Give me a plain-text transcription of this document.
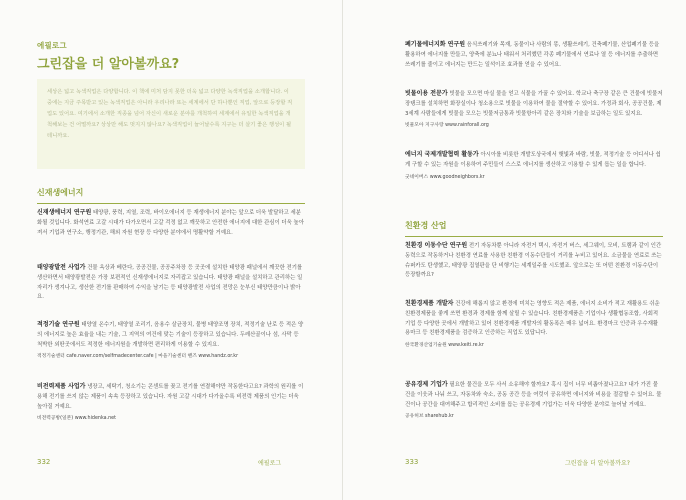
에필로그
그린잡을 더 알아볼까요?
세상은 넓고 녹색직업은 다양합니다. 이 책에 미처 담지 못한 더욱 넓고 다양한 녹색직업을 소개합니다. 이 중에는 지금 주목받고 있는 녹색직업은 아니라 우리나라 또는 세계에서 단 하나뿐인 직업, 앞으로 등장할 직업도 있어요. 여기에서 소개한 직종을 넘어 자신이 새로운 분야를 개척하여 세계에서 유일한 녹색직업을 개척해보는 건 어떨까요? 상상만 해도 멋지지 않나요? 녹색직업이 늘어날수록 지구는 더 살기 좋은 행성이 될 테니까요.
신재생에너지
신재생에너지 연구원 태양광, 풍력, 지열, 조력, 바이오에너지 등 재생에너지 분야는 앞으로 더욱 발달하고 세분화될 것입니다. 화석연료 고갈 시대가 다가오면서 고갈 걱정 없고 깨끗하고 안전한 에너지에 대한 관심이 더욱 높아져서 기업과 연구소, 행정기관, 해외 자원 현장 등 다양한 분야에서 명활약할 거예요.
태양광발전 사업가 건물 옥상과 베란다, 공공건물, 공공주차장 등 곳곳에 설치한 태양광 패널에서 깨끗한 전기를 생산하면서 태양광발전은 가장 보편적인 신재생에너지로 자리잡고 있습니다. 태양광 패널을 설치하고 관리하는 일자리가 생겨나고, 생산한 전기를 판매하여 수익을 남기는 등 태양광발전 사업의 전망은 눈부신 태양만큼이나 밝아요.
적정기술 연구원 태양열 온수기, 태양열 조리기, 음용수 살균장치, 물병 태양조명 장치, 적정기술 난로 등 적은 양의 에너지로 높은 효율을 내는 기술, 그 지역의 여건에 맞는 기술이 등장하고 있습니다. 두레산골이나 섬, 사막 등 척박한 외딴곳에서도 적정한 에너지원을 개발하면 편리하게 이용할 수 있지요.
적정기술센터 cafe.naver.com/selfmadecenter.cafe | 마을기술센터 핸즈 www.handz.or.kr
비전력제품 사업가 냉장고, 세탁기, 청소기는 콘센트를 꽂고 전기를 연결해야만 작동한다고요? 과학의 원리를 이용해 전기를 쓰지 않는 제품이 속속 등장하고 있습니다. 자원 고갈 시대가 다가올수록 비전력 제품의 인기는 더욱 높아질 거예요.
비전력공방(일본) www.hidenka.net
332	에필로그
폐기물에너지화 연구원 음식쓰레기와 목재, 동물이나 사람의 똥, 생활쓰레기, 건축폐기물, 산업폐기물 등을 활용하여 에너지를 만들고, 양축에 분뇨나 태워서 처리했던 각종 폐기물에서 연료나 열 등 에너지를 추출하면 쓰레기를 줄이고 에너지는 만드는 일석이조 효과를 얻을 수 있어요.
빗물이용 전문가 빗물을 모으면 마실 물을 얻고 식물을 가꿀 수 있어요. 학교나 축구장 같은 큰 건물에 빗물저장탱크를 설치하면 화장실이나 청소용으로 빗물을 이용하여 물을 절약할 수 있어요. 가정과 회사, 공공건물, 제3세계 사람들에게 빗물을 모으는 빗물저금통과 빗물항아리 같은 장치와 기술을 보급하는 일도 있지요.
빗물모아 지구사랑 www.rainforall.org
에너지 국제개발협력 활동가 아시아를 비롯한 개발도상국에서 햇빛과 바람, 빗물, 적정기술 등 어디서나 쉽게 구할 수 있는 자원을 이용하여 주민들이 스스로 에너지를 생산하고 이용할 수 있게 돕는 일을 합니다.
굿네이버스 www.goodneighbors.kr
친환경 산업
친환경 이동수단 연구원 전기 자동차뿐 아니라 자전거 택시, 자전거 버스, 세그웨이, 모비, 트램과 같이 인간동력으로 작동하거나 친환경 연료를 사용한 친환경 이동수단들이 거리를 누비고 있어요. 소금물을 연료로 쓰는 슈퍼카도 탄생했고, 태양광 집열판을 단 비행기는 세계일주를 시도했죠. 앞으로는 또 어떤 친환경 이동수단이 등장할까요?
친환경제품 개발자 건강에 해롭지 않고 환경에 미치는 영향도 적은 제품, 에너지 소비가 적고 재활용도 쉬운 친환경제품을 좋게 쓰면 환경과 경제를 함께 살릴 수 있습니다. 친환경제품은 기업이나 생활협동조합, 사회적 기업 등 다양한 곳에서 개발하고 있어 친환경제품 개발자의 활동폭은 매우 넓어요. 환경마크 인증과 우수재활용마크 등 친환경제품을 검증하고 인증하는 직업도 있답니다.
한국환경산업기술원 www.keiti.re.kr
공유경제 기업가 필요한 물건을 모두 사서 소유해야 할까요? 혹시 집이 너무 비좁아졌나고요? 내가 가진 물건을 이웃과 나눠 쓰고, 자동차와 숙소, 공동 공간 등을 여럿이 공유하면 에너지와 비용을 절감할 수 있어요. 물건이나 공간을 대여해주고 합리적인 소비를 돕는 공유경제 기업가는 더욱 다양한 분야로 늘어날 거예요.
공유허브 sharehub.kr
333	그린잡을 더 알아볼까요?
